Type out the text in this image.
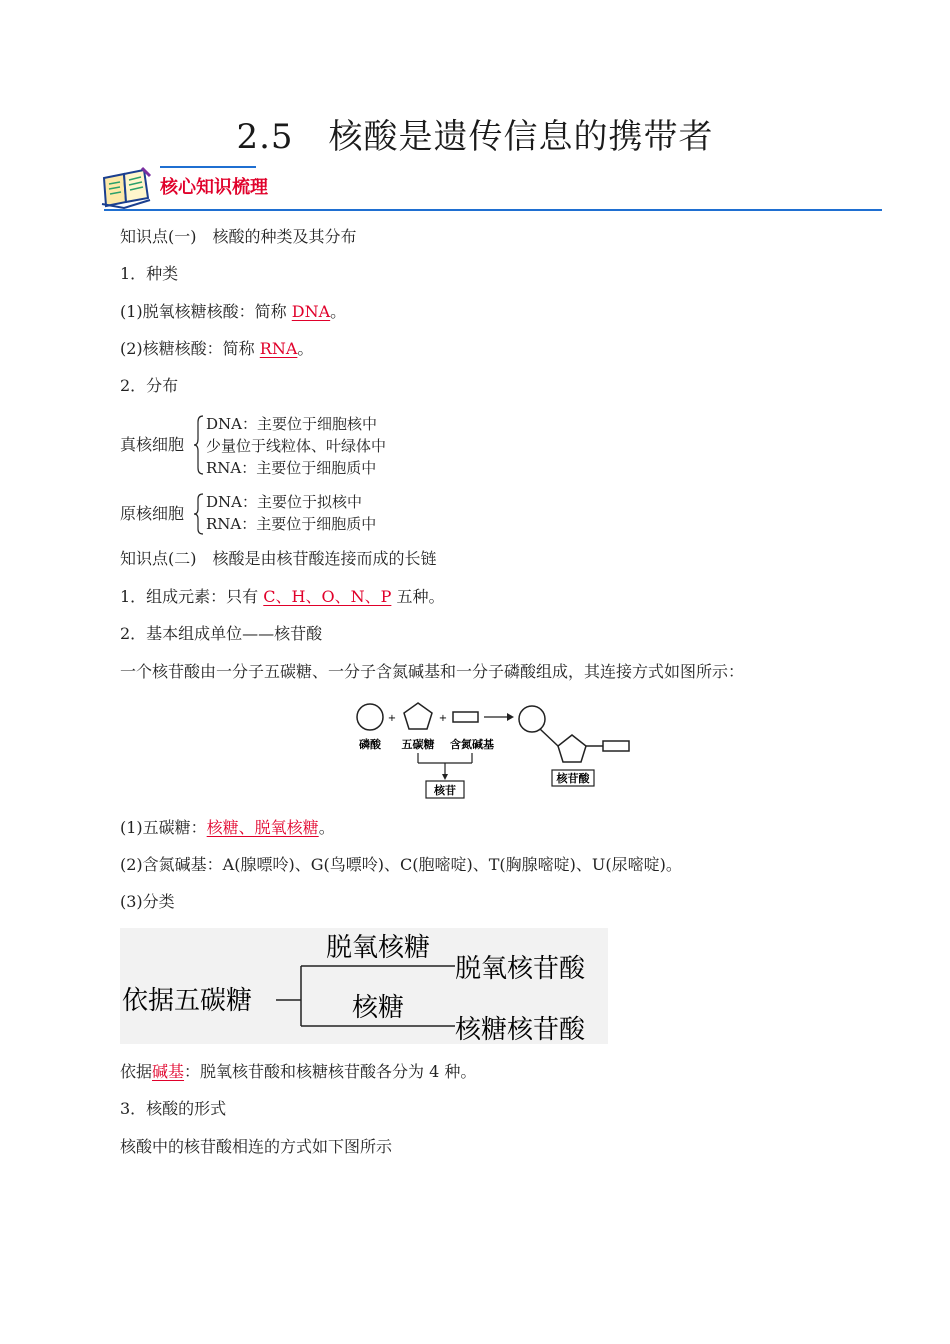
2.5　核酸是遗传信息的携带者
核心知识梳理
知识点(一)　核酸的种类及其分布
1．种类
(1)脱氧核糖核酸：简称 DNA。
(2)核糖核酸：简称 RNA。
2．分布
真核细胞
DNA：主要位于细胞核中
少量位于线粒体、叶绿体中
RNA：主要位于细胞质中
原核细胞
DNA：主要位于拟核中
RNA：主要位于细胞质中
知识点(二)　核酸是由核苷酸连接而成的长链
1．组成元素：只有 C、H、O、N、P 五种。
2．基本组成单位——核苷酸
一个核苷酸由一分子五碳糖、一分子含氮碱基和一分子磷酸组成，其连接方式如图所示：
+	+
磷酸 五碳糖 含氮碱基
核苷
核苷酸
(1)五碳糖：核糖、脱氧核糖。
(2)含氮碱基：A(腺嘌呤)、G(鸟嘌呤)、C(胞嘧啶)、T(胸腺嘧啶)、U(尿嘧啶)。
(3)分类
依据五碳糖
脱氧核糖
核糖
脱氧核苷酸
核糖核苷酸
依据碱基：脱氧核苷酸和核糖核苷酸各分为 4 种。
3．核酸的形式
核酸中的核苷酸相连的方式如下图所示
